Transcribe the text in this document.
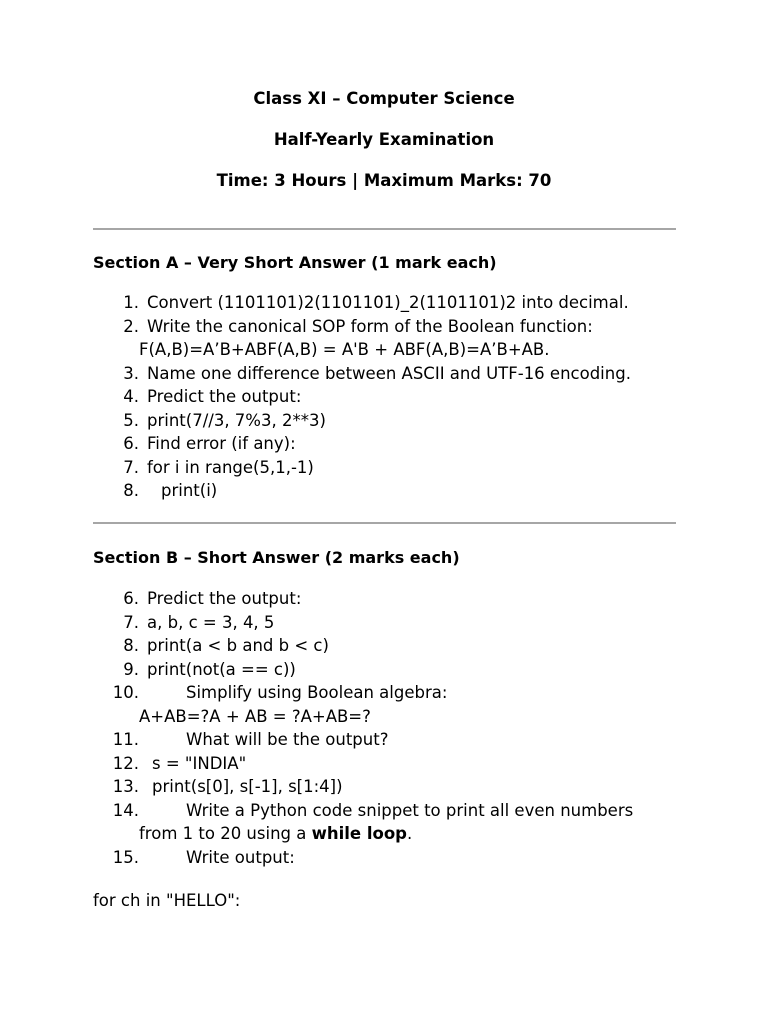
Class XI – Computer Science
Half-Yearly Examination
Time: 3 Hours | Maximum Marks: 70
Section A – Very Short Answer (1 mark each)
1. Convert (1101101)2(1101101)_2(1101101)2 into decimal.
2. Write the canonical SOP form of the Boolean function:
F(A,B)=A’B+ABF(A,B) = A'B + ABF(A,B)=A’B+AB.
3. Name one difference between ASCII and UTF-16 encoding.
4. Predict the output:
5. print(7//3, 7%3, 2**3)
6. Find error (if any):
7. for i in range(5,1,-1)
8.	print(i)
Section B – Short Answer (2 marks each)
6. Predict the output:
7. a, b, c = 3, 4, 5
8. print(a < b and b < c)
9. print(not(a == c))
10.	Simplify using Boolean algebra:
A+AB=?A + AB = ?A+AB=?
11.	What will be the output?
12. s = "INDIA"
13. print(s[0], s[-1], s[1:4])
14.	Write a Python code snippet to print all even numbers
from 1 to 20 using a while loop.
15.	Write output:
for ch in "HELLO":
